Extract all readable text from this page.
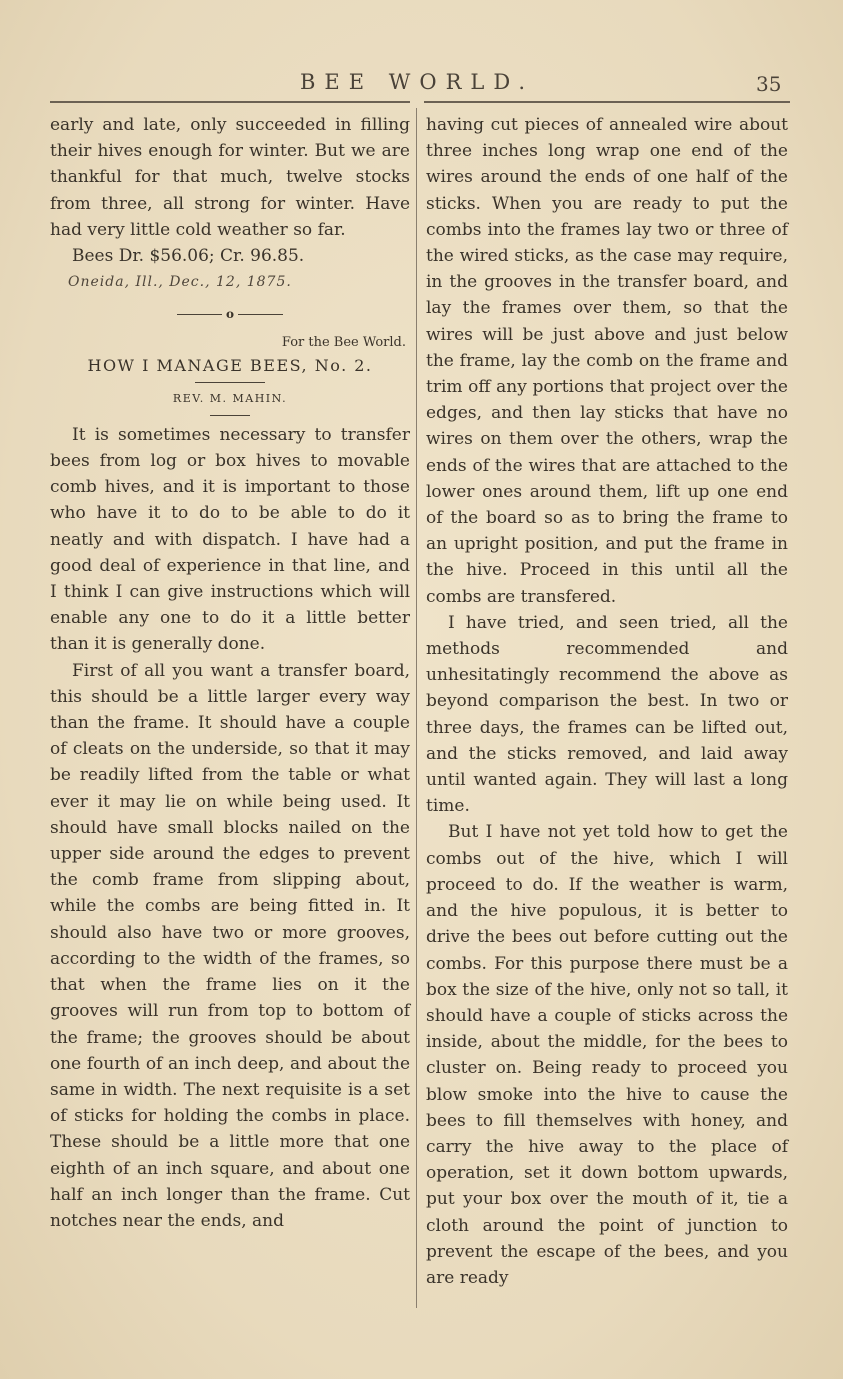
BEE WORLD.	35

early and late, only succeeded in filling their hives enough for winter. But we are thankful for that much, twelve stocks from three, all strong for winter. Have had very little cold weather so far.

Bees Dr. $56.06; Cr. 96.85.

Oneida, Ill., Dec., 12, 1875.

o

For the Bee World.

HOW I MANAGE BEES, No. 2.

REV. M. MAHIN.

It is sometimes necessary to transfer bees from log or box hives to movable comb hives, and it is important to those who have it to do to be able to do it neatly and with dispatch. I have had a good deal of experience in that line, and I think I can give instructions which will enable any one to do it a little better than it is generally done.

First of all you want a transfer board, this should be a little larger every way than the frame. It should have a couple of cleats on the underside, so that it may be readily lifted from the table or what ever it may lie on while being used. It should have small blocks nailed on the upper side around the edges to prevent the comb frame from slipping about, while the combs are being fitted in. It should also have two or more grooves, according to the width of the frames, so that when the frame lies on it the grooves will run from top to bottom of the frame; the grooves should be about one fourth of an inch deep, and about the same in width. The next requisite is a set of sticks for holding the combs in place. These should be a little more that one eighth of an inch square, and about one half an inch longer than the frame. Cut notches near the ends, and

having cut pieces of annealed wire about three inches long wrap one end of the wires around the ends of one half of the sticks. When you are ready to put the combs into the frames lay two or three of the wired sticks, as the case may require, in the grooves in the transfer board, and lay the frames over them, so that the wires will be just above and just below the frame, lay the comb on the frame and trim off any portions that project over the edges, and then lay sticks that have no wires on them over the others, wrap the ends of the wires that are attached to the lower ones around them, lift up one end of the board so as to bring the frame to an upright position, and put the frame in the hive. Proceed in this until all the combs are transfered.

I have tried, and seen tried, all the methods recommended and unhesitatingly recommend the above as beyond comparison the best. In two or three days, the frames can be lifted out, and the sticks removed, and laid away until wanted again. They will last a long time.

But I have not yet told how to get the combs out of the hive, which I will proceed to do. If the weather is warm, and the hive populous, it is better to drive the bees out before cutting out the combs. For this purpose there must be a box the size of the hive, only not so tall, it should have a couple of sticks across the inside, about the middle, for the bees to cluster on. Being ready to proceed you blow smoke into the hive to cause the bees to fill themselves with honey, and carry the hive away to the place of operation, set it down bottom upwards, put your box over the mouth of it, tie a cloth around the point of junction to prevent the escape of the bees, and you are ready
